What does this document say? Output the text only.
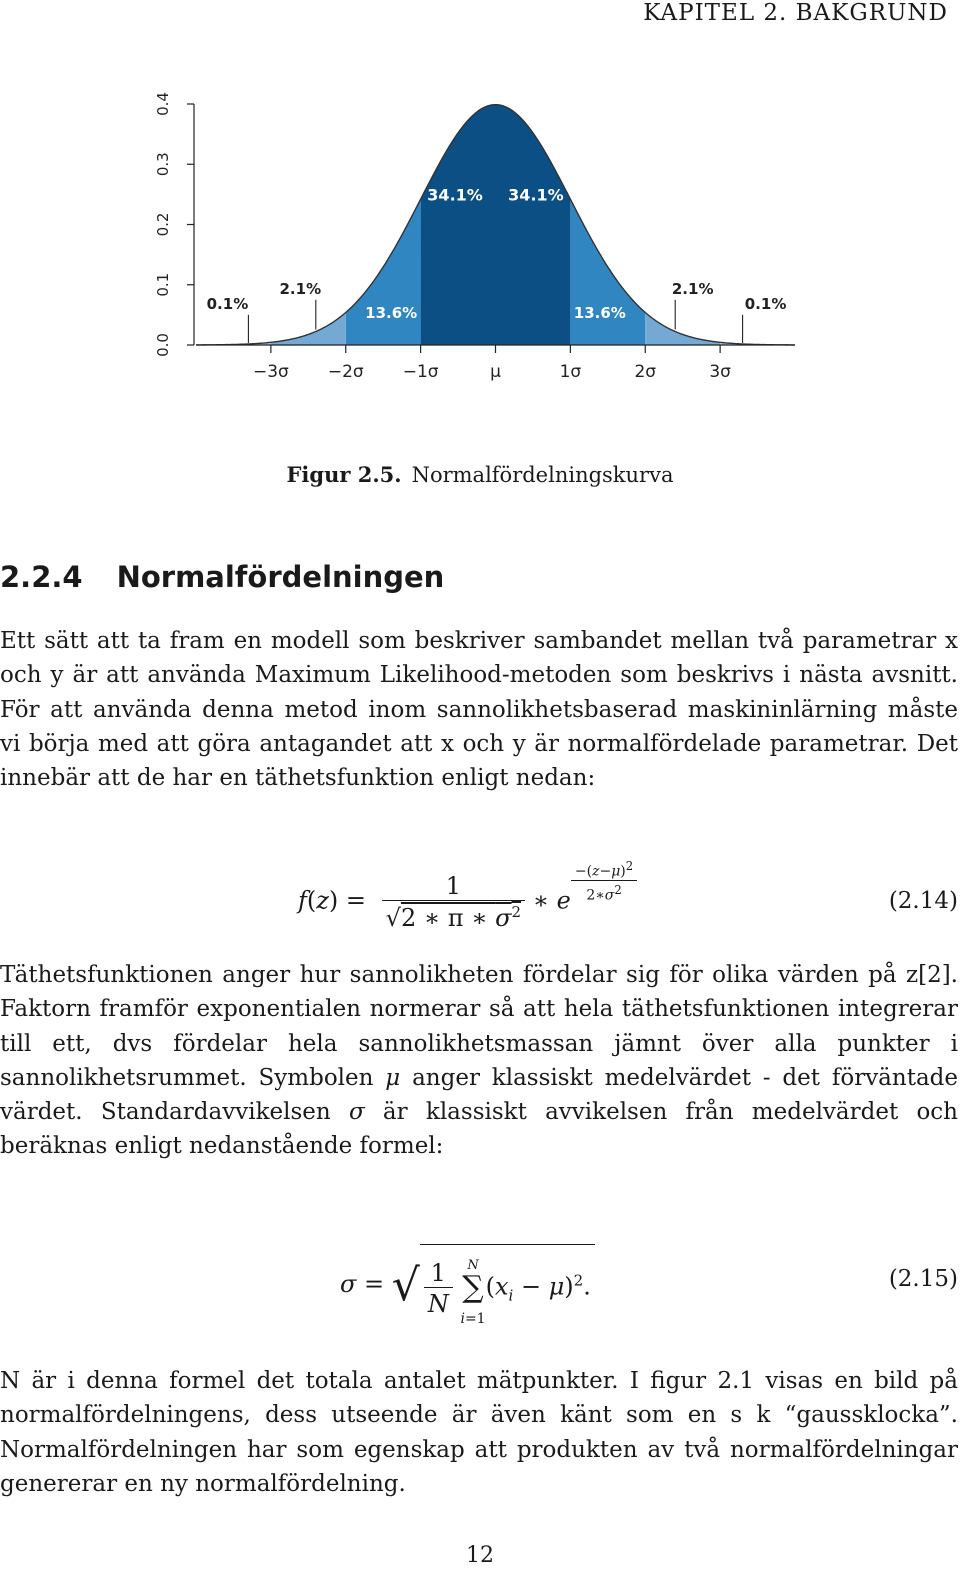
KAPITEL 2. BAKGRUND
0.0
0.1
0.2
0.3
0.4
−3σ −2σ −1σ	μ	1σ	2σ	3σ
34.1% 34.1%
13.6%	13.6%
2.1%	2.1%
0.1%	0.1%
Figur 2.5. Normalfördelningskurva
2.2.4 Normalfördelningen

Ett sätt att ta fram en modell som beskriver sambandet mellan två parametrar x och y är att använda Maximum Likelihood-metoden som beskrivs i nästa avsnitt. För att använda denna metod inom sannolikhetsbaserad maskininlärning måste vi börja med att göra antagandet att x och y är normalfördelade parametrar. Det innebär att de har en täthetsfunktion enligt nedan:

$f(z) = \frac{1}{√2 ∗ \pi ∗ \sigma^2}$ ∗ e $^{\frac{-(z-\mu)^2}{2∗\sigma^2}}$	(2.14)

Täthetsfunktionen anger hur sannolikheten fördelar sig för olika värden på z[2]. Faktorn framför exponentialen normerar så att hela täthetsfunktionen integrerar till ett, dvs fördelar hela sannolikhetsmassan jämnt över alla punkter i sannolikhetsrummet. Symbolen μ anger klassiskt medelvärdet - det förväntade värdet. Standardavvikelsen σ är klassiskt avvikelsen från medelvärdet och beräknas enligt nedanstående formel:

σ = √ $\frac{1}{N}$ N
∑
$i=1(x_i - \mu)^2$.	(2.15)

N är i denna formel det totala antalet mätpunkter. I figur 2.1 visas en bild på normalfördelningens, dess utseende är även känt som en s k “gaussklocka”. Normalfördelningen har som egenskap att produkten av två normalfördelningar genererar en ny normalfördelning.

12
